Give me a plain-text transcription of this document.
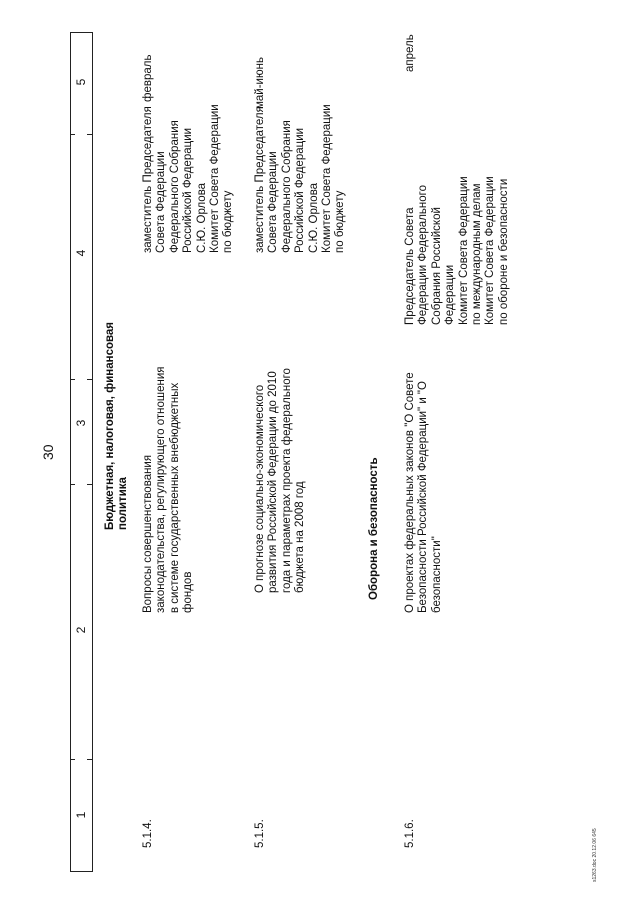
30
1
2
3
4
5
Бюджетная, налоговая, финансовая
политика
5.1.4.
Вопросы совершенствования
законодательства, регулирующего отношения
в системе государственных внебюджетных
фондов
заместитель Председателя
Совета Федерации
Федерального Собрания
Российской Федерации
С.Ю. Орлова
Комитет Совета Федерации
по бюджету
февраль
5.1.5.
О прогнозе социально-экономического
развития Российской Федерации до 2010
года и параметрах проекта федерального
бюджета на 2008 год
заместитель Председателя
Совета Федерации
Федерального Собрания
Российской Федерации
С.Ю. Орлова
Комитет Совета Федерации
по бюджету
май-июнь
Оборона и безопасность
5.1.6.
О проектах федеральных законов "О Совете
Безопасности Российской Федерации" и "О
безопасности"
Председатель Совета
Федерации Федерального
Собрания Российской
Федерации
Комитет Совета Федерации
по международным делам
Комитет Совета Федерации
по обороне и безопасности
апрель
s1263.doc 20.12.06 645
